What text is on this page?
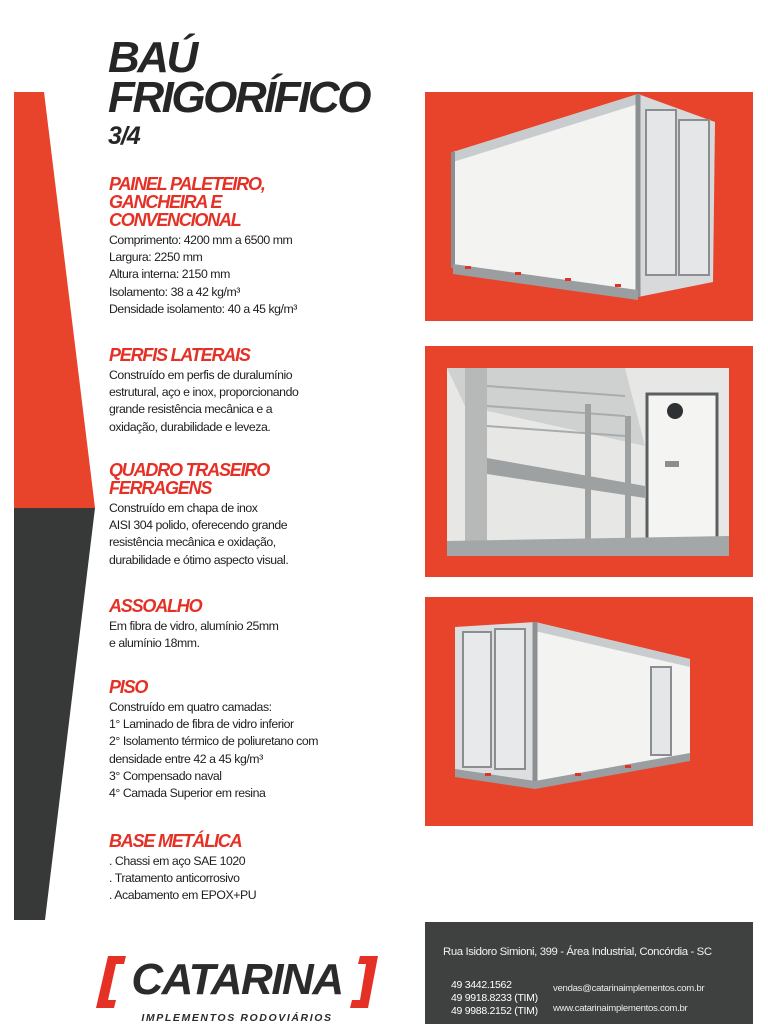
BAÚ
FRIGORÍFICO
3/4
PAINEL PALETEIRO,
GANCHEIRA E
CONVENCIONAL

Comprimento: 4200 mm a 6500 mm
Largura: 2250 mm
Altura interna: 2150 mm
Isolamento: 38 a 42 kg/m³
Densidade isolamento: 40 a 45 kg/m³

PERFIS LATERAIS

Construído em perfis de duralumínio
estrutural, aço e inox, proporcionando
grande resistência mecânica e a
oxidação, durabilidade e leveza.

QUADRO TRASEIRO
FERRAGENS

Construído em chapa de inox
AISI 304 polido, oferecendo grande
resistência mecânica e oxidação,
durabilidade e ótimo aspecto visual.

ASSOALHO

Em fibra de vidro, alumínio 25mm
e alumínio 18mm.

PISO

Construído em quatro camadas:
1° Laminado de fibra de vidro inferior
2° Isolamento térmico de poliuretano com
densidade entre 42 a 45 kg/m³
3° Compensado naval
4° Camada Superior em resina

BASE METÁLICA

. Chassi em aço SAE 1020
. Tratamento anticorrosivo
. Acabamento em EPOX+PU

CATARINA
IMPLEMENTOS RODOVIÁRIOS
Rua Isidoro Simioni, 399 - Área Industrial, Concórdia - SC
49 3442.1562
49 9918.8233 (TIM)
49 9988.2152 (TIM)
vendas@catarinaimplementos.com.br
www.catarinaimplementos.com.br
